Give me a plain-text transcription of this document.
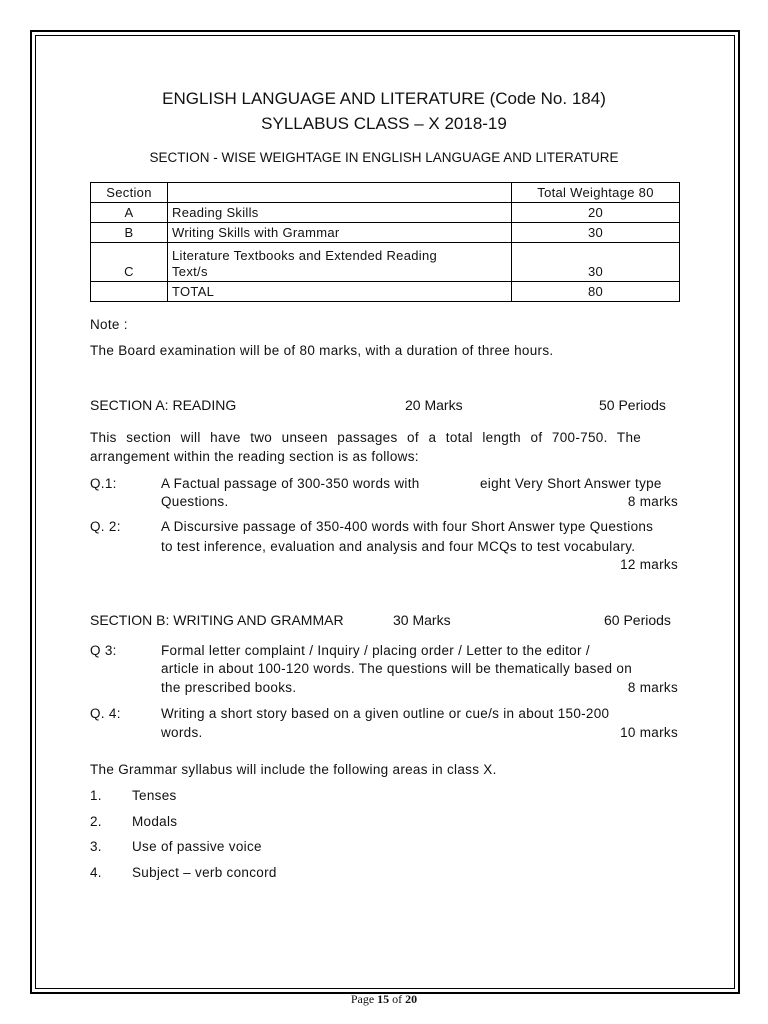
ENGLISH LANGUAGE AND LITERATURE (Code No. 184)
SYLLABUS CLASS – X 2018-19
SECTION - WISE WEIGHTAGE IN ENGLISH LANGUAGE AND LITERATURE
Section		Total Weightage 80
A	Reading Skills	20
B	Writing Skills with Grammar	30
C	Literature Textbooks and Extended Reading
Text/s	30
	TOTAL	80
Note :
The Board examination will be of 80 marks, with a duration of three hours.
SECTION A: READING	20 Marks	50 Periods
This section will have two unseen passages of a total length of 700-750. The
arrangement within the reading section is as follows:
Q.1:	A Factual passage of 300-350 words with	eight Very Short Answer type
Questions.	8 marks
Q. 2:	A Discursive passage of 350-400 words with four Short Answer type Questions
to test inference, evaluation and analysis and four MCQs to test vocabulary.
12 marks
SECTION B: WRITING AND GRAMMAR	30 Marks	60 Periods
Q 3:	Formal letter complaint / Inquiry / placing order / Letter to the editor /
article in about 100-120 words. The questions will be thematically based on
the prescribed books.	8 marks
Q. 4:	Writing a short story based on a given outline or cue/s in about 150-200
words.	10 marks
The Grammar syllabus will include the following areas in class X.
1. Tenses
2. Modals
3. Use of passive voice
4. Subject – verb concord
Page 15 of 20
